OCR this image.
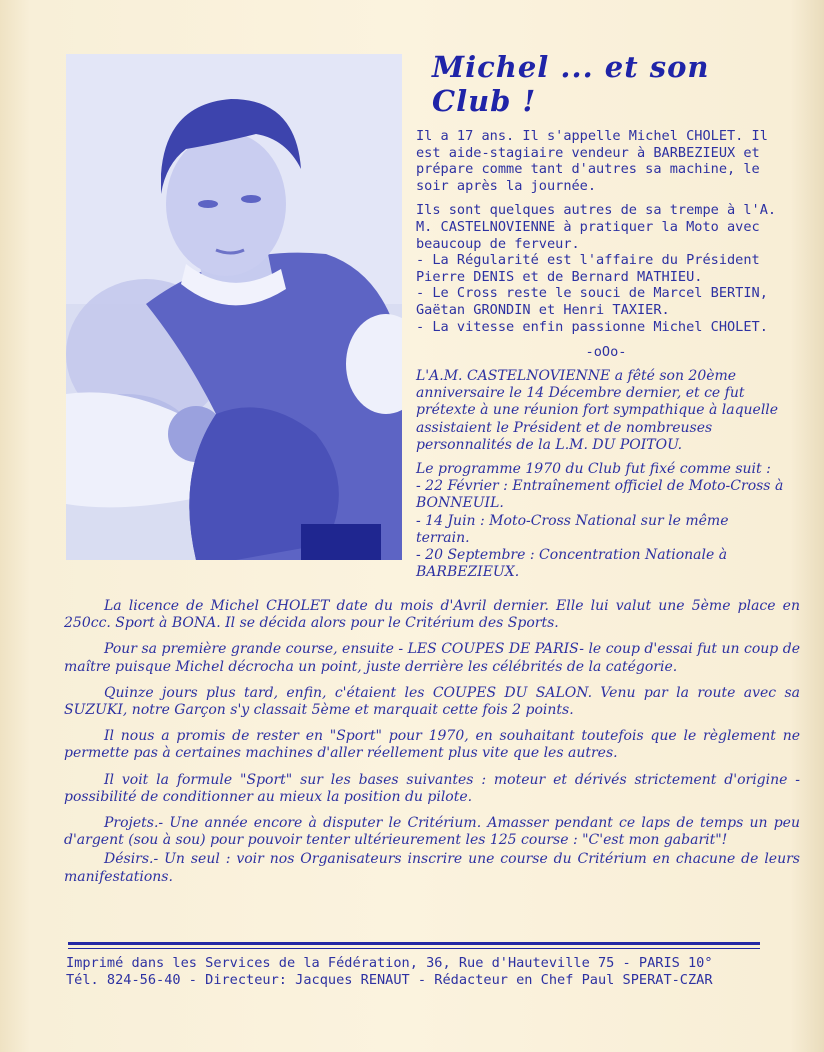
Michel ... et son Club !

Il a 17 ans. Il s'appelle Michel CHOLET. Il est aide-stagiaire vendeur à BARBEZIEUX et prépare comme tant d'autres sa machine, le soir après la journée.

Ils sont quelques autres de sa trempe à l'A. M. CASTELNOVIENNE à pratiquer la Moto avec beaucoup de ferveur.

- La Régularité est l'affaire du Président Pierre DENIS et de Bernard MATHIEU.

- Le Cross reste le souci de Marcel BERTIN, Gaëtan GRONDIN et Henri TAXIER.

- La vitesse enfin passionne Michel CHOLET.

-oOo-

L'A.M. CASTELNOVIENNE a fêté son 20ème anniversaire le 14 Décembre dernier, et ce fut prétexte à une réunion fort sympathique à laquelle assistaient le Président et de nombreuses personnalités de la L.M. DU POITOU.

Le programme 1970 du Club fut fixé comme suit :

- 22 Février : Entraînement officiel de Moto-Cross à BONNEUIL.

- 14 Juin : Moto-Cross National sur le même terrain.

- 20 Septembre : Concentration Nationale à BARBEZIEUX.

La licence de Michel CHOLET date du mois d'Avril dernier. Elle lui valut une 5ème place en 250cc. Sport à BONA. Il se décida alors pour le Critérium des Sports.

Pour sa première grande course, ensuite - LES COUPES DE PARIS- le coup d'essai fut un coup de maître puisque Michel décrocha un point, juste derrière les célébrités de la catégorie.

Quinze jours plus tard, enfin, c'étaient les COUPES DU SALON. Venu par la route avec sa SUZUKI, notre Garçon s'y classait 5ème et marquait cette fois 2 points.

Il nous a promis de rester en "Sport" pour 1970, en souhaitant toutefois que le règlement ne permette pas à certaines machines d'aller réellement plus vite que les autres.

Il voit la formule "Sport" sur les bases suivantes : moteur et dérivés strictement d'origine - possibilité de conditionner au mieux la position du pilote.

Projets.- Une année encore à disputer le Critérium. Amasser pendant ce laps de temps un peu d'argent (sou à sou) pour pouvoir tenter ultérieurement les 125 course : "C'est mon gabarit"!

Désirs.- Un seul : voir nos Organisateurs inscrire une course du Critérium en chacune de leurs manifestations.

Imprimé dans les Services de la Fédération, 36, Rue d'Hauteville 75 - PARIS 10°
Tél. 824-56-40 - Directeur: Jacques RENAUT - Rédacteur en Chef Paul SPERAT-CZAR
